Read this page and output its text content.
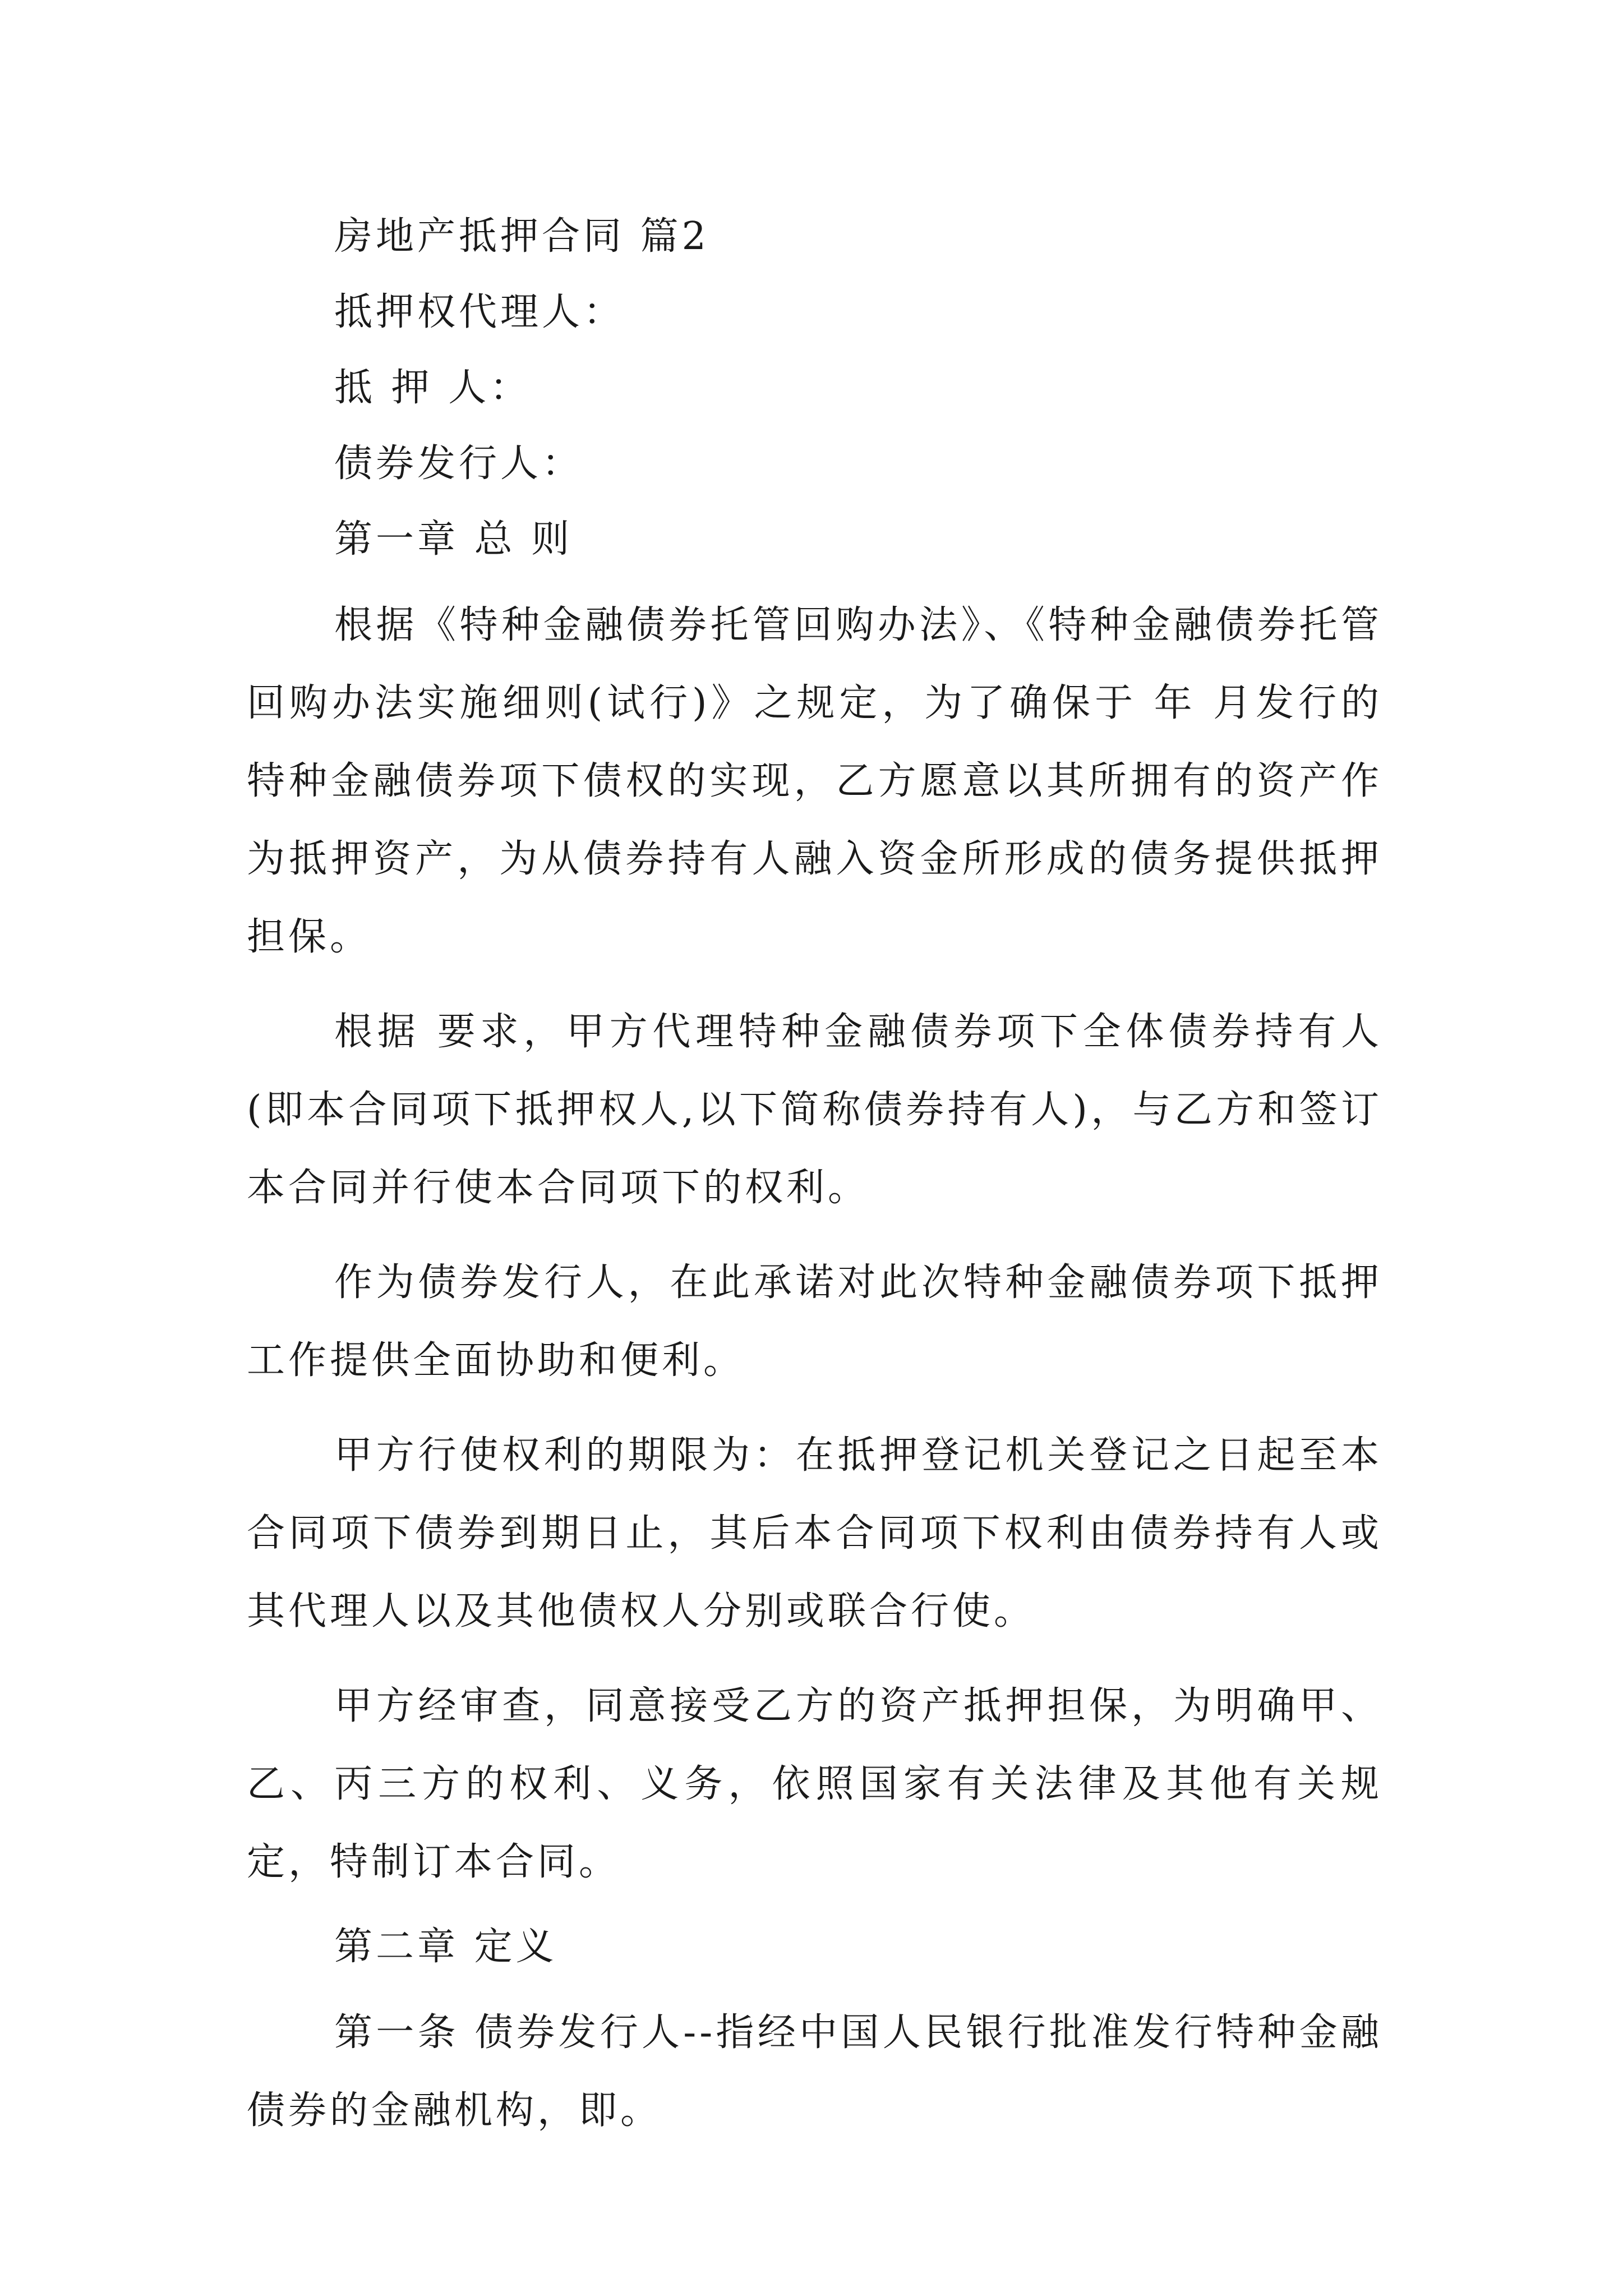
房地产抵押合同 篇2
抵押权代理人：
抵 押 人：
债券发行人：
第一章 总 则

根据《特种金融债券托管回购办法》、《特种金融债券托管回购办法实施细则(试行)》之规定，为了确保于 年 月发行的特种金融债券项下债权的实现，乙方愿意以其所拥有的资产作为抵押资产，为从债券持有人融入资金所形成的债务提供抵押担保。

根据 要求，甲方代理特种金融债券项下全体债券持有人(即本合同项下抵押权人,以下简称债券持有人)，与乙方和签订本合同并行使本合同项下的权利。

作为债券发行人，在此承诺对此次特种金融债券项下抵押工作提供全面协助和便利。

甲方行使权利的期限为：在抵押登记机关登记之日起至本合同项下债券到期日止，其后本合同项下权利由债券持有人或其代理人以及其他债权人分别或联合行使。

甲方经审查，同意接受乙方的资产抵押担保，为明确甲、乙、丙三方的权利、义务，依照国家有关法律及其他有关规定，特制订本合同。

第二章 定义

第一条 债券发行人--指经中国人民银行批准发行特种金融债券的金融机构，即。
